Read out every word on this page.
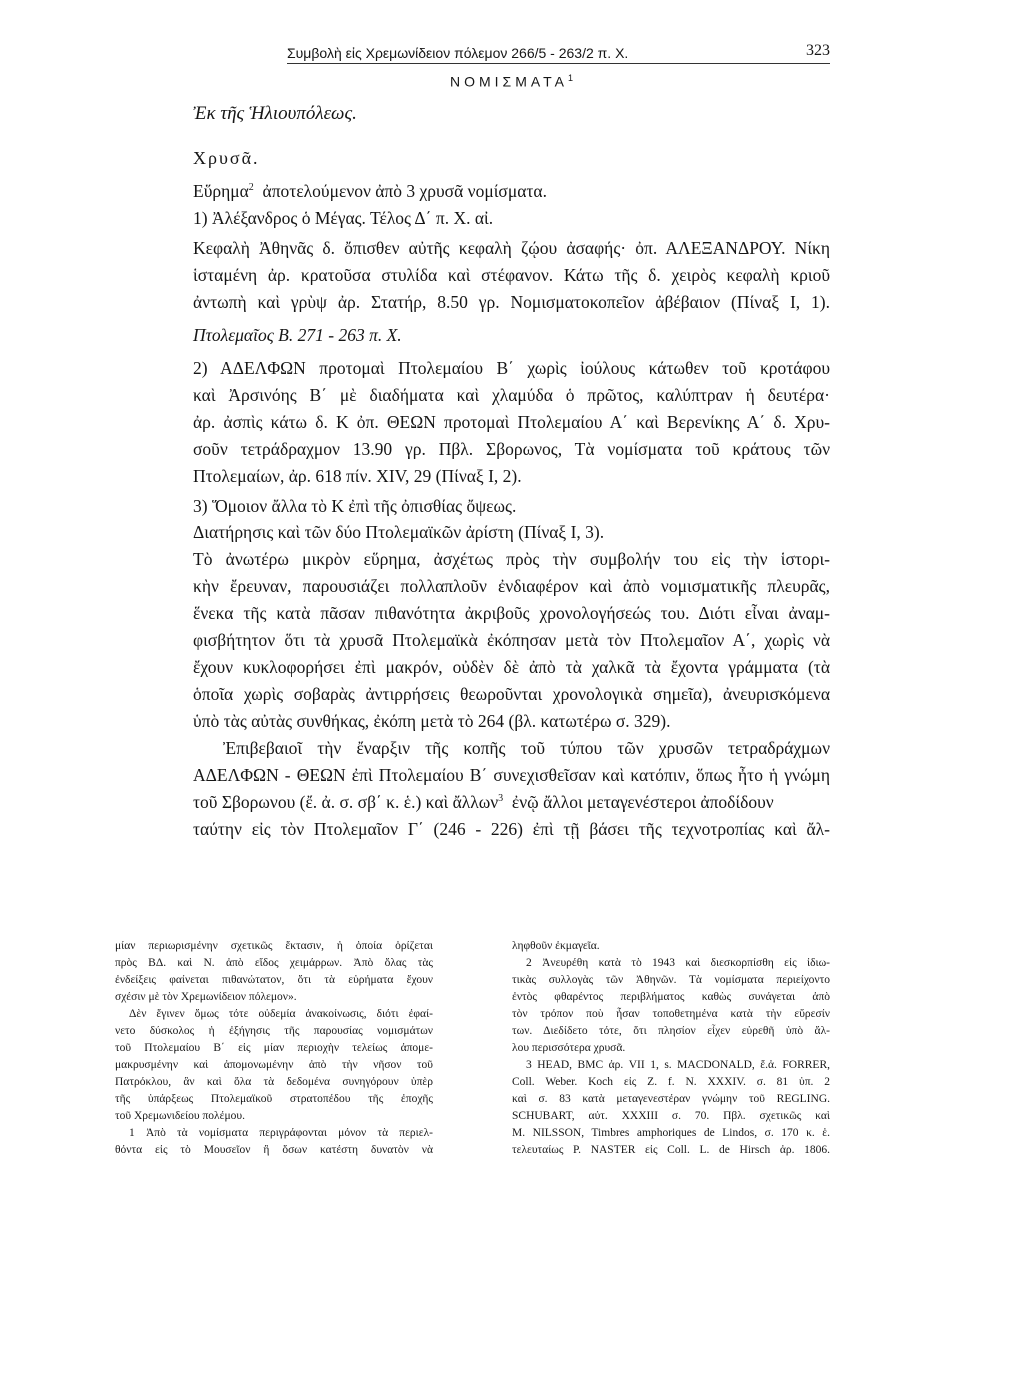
Συμβολὴ εἰς Χρεμωνίδειον πόλεμον 266/5 - 263/2 π. Χ.	323
ΝΟΜΙΣΜΑΤΑ$^1$
Ἐκ τῆς Ἡλιουπόλεως.
Χρυσᾶ.
Εὕρημα$^2$ ἀποτελούμενον ἀπὸ 3 χρυσᾶ νομίσματα.
1) Ἀλέξανδρος ὁ Μέγας. Τέλος Δ΄ π. Χ. αἰ.
Κεφαλὴ Ἀθηνᾶς δ. ὄπισθεν αὐτῆς κεφαλὴ ζῴου ἀσαφής· ὀπ. ΑΛΕΞΑΝΔΡΟΥ. Νίκη
ἱσταμένη ἀρ. κρατοῦσα στυλίδα καὶ στέφανον. Κάτω τῆς δ. χειρὸς κεφαλὴ κριοῦ
ἀντωπὴ καὶ γρὺψ ἀρ. Στατήρ, 8.50 γρ. Νομισματοκοπεῖον ἀβέβαιον (Πίναξ Ι, 1).
Πτολεμαῖος Β. 271 - 263 π. Χ.
2) ΑΔΕΛΦΩΝ προτομαὶ Πτολεμαίου Β΄ χωρὶς ἰούλους κάτωθεν τοῦ κροτάφου
καὶ Ἀρσινόης Β΄ μὲ διαδήματα καὶ χλαμύδα ὁ πρῶτος, καλύπτραν ἡ δευτέρα·
ἀρ. ἀσπὶς κάτω δ. Κ ὀπ. ΘΕΩΝ προτομαὶ Πτολεμαίου Α΄ καὶ Βερενίκης Α΄ δ. Χρυ-
σοῦν τετράδραχμον 13.90 γρ. Πβλ. Σβορωνος, Τὰ νομίσματα τοῦ κράτους τῶν
Πτολεμαίων, ἀρ. 618 πίν. XIV, 29 (Πίναξ Ι, 2).
3) Ὅμοιον ἄλλα τὸ Κ ἐπὶ τῆς ὀπισθίας ὄψεως.
Διατήρησις καὶ τῶν δύο Πτολεμαϊκῶν ἀρίστη (Πίναξ Ι, 3).
Τὸ ἀνωτέρω μικρὸν εὕρημα, ἀσχέτως πρὸς τὴν συμβολήν του εἰς τὴν ἱστορι-
κὴν ἔρευναν, παρουσιάζει πολλαπλοῦν ἐνδιαφέρον καὶ ἀπὸ νομισματικῆς πλευρᾶς,
ἕνεκα τῆς κατὰ πᾶσαν πιθανότητα ἀκριβοῦς χρονολογήσεώς του. Διότι εἶναι ἀναμ-
φισβήτητον ὅτι τὰ χρυσᾶ Πτολεμαϊκὰ ἐκόπησαν μετὰ τὸν Πτολεμαῖον Α΄, χωρὶς νὰ
ἔχουν κυκλοφορήσει ἐπὶ μακρόν, οὐδὲν δὲ ἀπὸ τὰ χαλκᾶ τὰ ἔχοντα γράμματα (τὰ
ὁποῖα χωρὶς σοβαρὰς ἀντιρρήσεις θεωροῦνται χρονολογικὰ σημεῖα), ἀνευρισκόμενα
ὑπὸ τὰς αὐτὰς συνθήκας, ἐκόπη μετὰ τὸ 264 (βλ. κατωτέρω σ. 329).
Ἐπιβεβαιοῖ τὴν ἔναρξιν τῆς κοπῆς τοῦ τύπου τῶν χρυσῶν τετραδράχμων
ΑΔΕΛΦΩΝ - ΘΕΩΝ ἐπὶ Πτολεμαίου Β΄ συνεχισθεῖσαν καὶ κατόπιν, ὅπως ἦτο ἡ γνώμη
τοῦ Σβορωνου (ἔ. ἀ. σ. σβ΄ κ. ἑ.) καὶ ἄλλων$^3$ ἐνῷ ἄλλοι μεταγενέστεροι ἀποδίδουν
ταύτην εἰς τὸν Πτολεμαῖον Γ΄ (246 - 226) ἐπὶ τῇ βάσει τῆς τεχνοτροπίας καὶ ἄλ-
μίαν περιωρισμένην σχετικῶς ἔκτασιν, ἡ ὁποία ὁρίζεται
πρὸς ΒΔ. καὶ Ν. ἀπὸ εἴδος χειμάρρων. Ἀπὸ ὅλας τὰς
ἐνδείξεις φαίνεται πιθανώτατον, ὅτι τὰ εὑρήματα ἔχουν
σχέσιν μὲ τὸν Χρεμωνίδειον πόλεμον».
Δὲν ἔγινεν ὅμως τότε οὐδεμία ἀνακοίνωσις, διότι ἐφαί-
νετο δύσκολος ἡ ἐξήγησις τῆς παρουσίας νομισμάτων
τοῦ Πτολεμαίου Β΄ εἰς μίαν περιοχὴν τελείως ἀπομε-
μακρυσμένην καὶ ἀπομονωμένην ἀπὸ τὴν νῆσον τοῦ
Πατρόκλου, ἂν καὶ ὅλα τὰ δεδομένα συνηγόρουν ὑπὲρ
τῆς ὑπάρξεως Πτολεμαϊκοῦ στρατοπέδου τῆς ἐποχῆς
τοῦ Χρεμωνιδείου πολέμου.
1 Ἀπὸ τὰ νομίσματα περιγράφονται μόνον τὰ περιελ-
θόντα εἰς τὸ Μουσεῖον ἢ ὅσων κατέστη δυνατὸν νὰ
ληφθοῦν ἐκμαγεῖα.
2 Ἀνευρέθη κατὰ τὸ 1943 καὶ διεσκορπίσθη εἰς ἰδιω-
τικὰς συλλογὰς τῶν Ἀθηνῶν. Τὰ νομίσματα περιείχοντο
ἐντὸς φθαρέντος περιβλήματος καθὼς συνάγεται ἀπὸ
τὸν τρόπον ποὺ ἦσαν τοποθετημένα κατὰ τὴν εὕρεσίν
των. Διεδίδετο τότε, ὅτι πλησίον εἶχεν εὑρεθῆ ὑπὸ ἄλ-
λου περισσότερα χρυσᾶ.
3 HEAD, BMC ἀρ. VII 1, s. MACDONALD, ἔ.ἀ. FORRER,
Coll. Weber. Koch εἰς Z. f. N. XXXIV. σ. 81 ὑπ. 2
καὶ σ. 83 κατὰ μεταγενεστέραν γνώμην τοῦ REGLING.
SCHUBART, αὐτ. XXXIII σ. 70. Πβλ. σχετικῶς καὶ
M. NILSSON, Timbres amphoriques de Lindos, σ. 170 κ. ἑ.
τελευταίως P. NASTER εἰς Coll. L. de Hirsch ἀρ. 1806.
